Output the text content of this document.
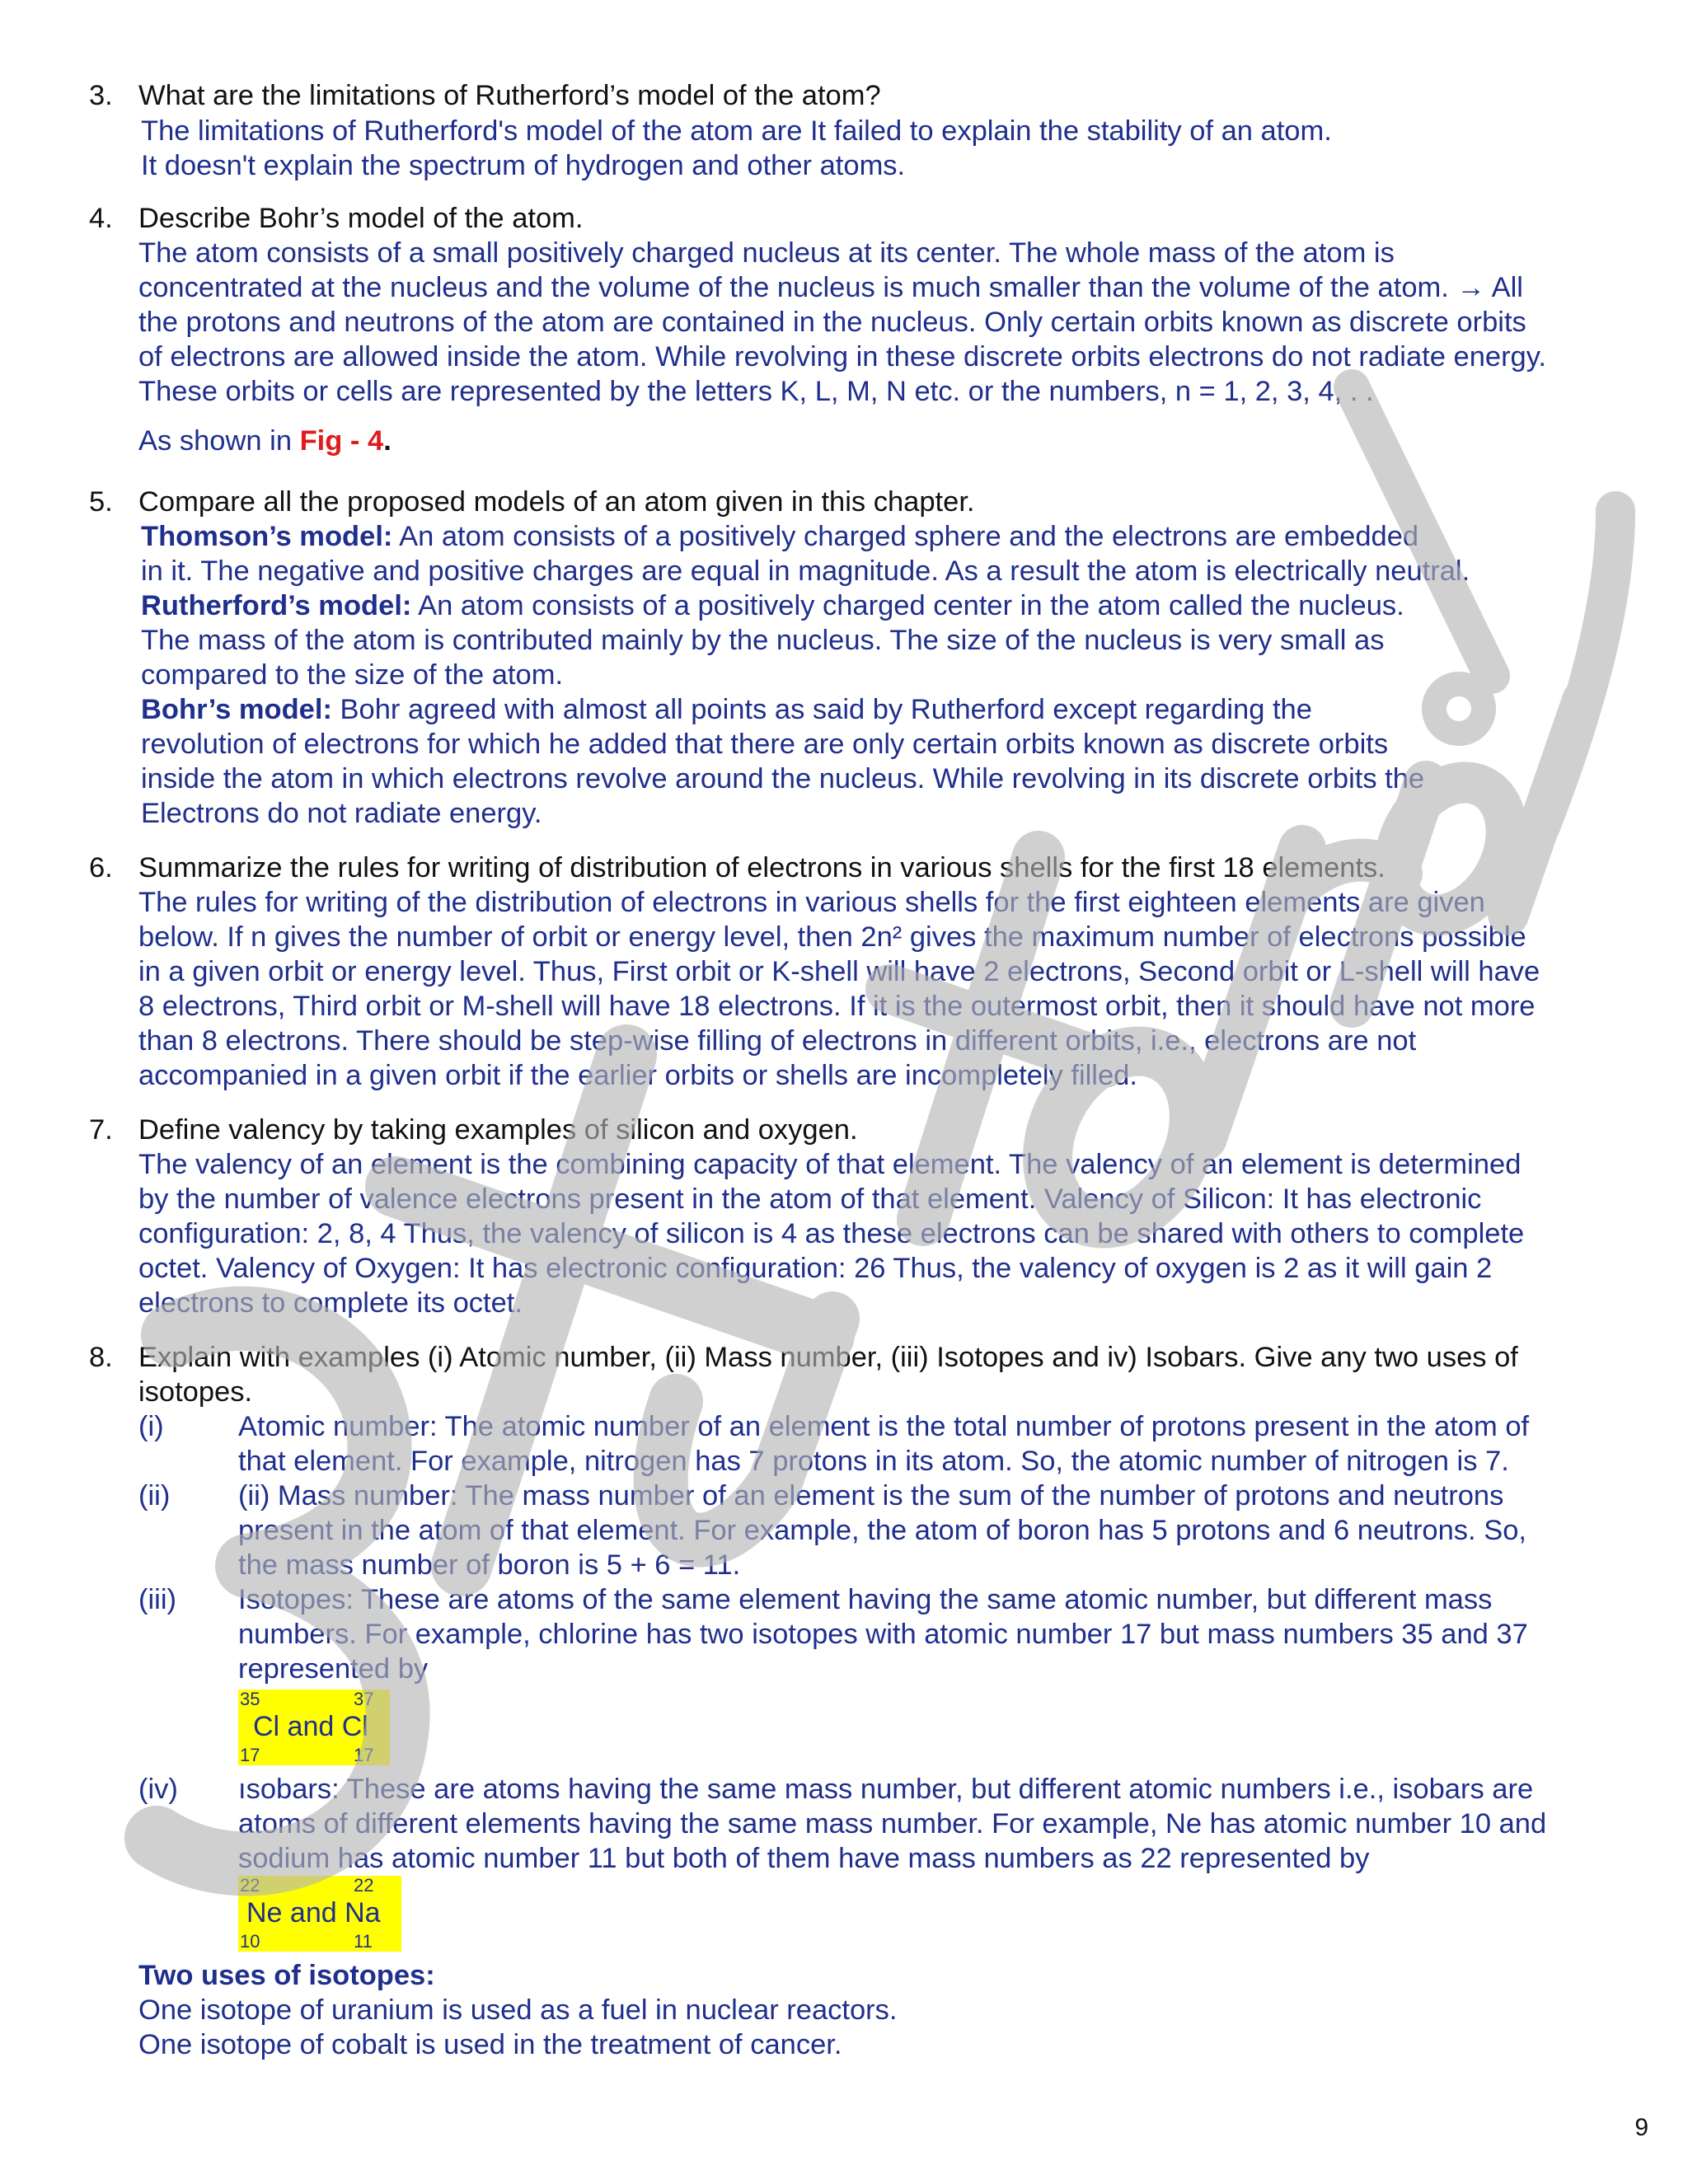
3. What are the limitations of Rutherford’s model of the atom?
The limitations of Rutherford's model of the atom are It failed to explain the stability of an atom.
It doesn't explain the spectrum of hydrogen and other atoms.
4. Describe Bohr’s model of the atom.
The atom consists of a small positively charged nucleus at its center. The whole mass of the atom is
concentrated at the nucleus and the volume of the nucleus is much smaller than the volume of the atom. → All
the protons and neutrons of the atom are contained in the nucleus. Only certain orbits known as discrete orbits
of electrons are allowed inside the atom. While revolving in these discrete orbits electrons do not radiate energy.
These orbits or cells are represented by the letters K, L, M, N etc. or the numbers, n = 1, 2, 3, 4, . .
As shown in Fig - 4.
5. Compare all the proposed models of an atom given in this chapter.
Thomson’s model: An atom consists of a positively charged sphere and the electrons are embedded
in it. The negative and positive charges are equal in magnitude. As a result the atom is electrically neutral.
Rutherford’s model: An atom consists of a positively charged center in the atom called the nucleus.
The mass of the atom is contributed mainly by the nucleus. The size of the nucleus is very small as
compared to the size of the atom.
Bohr’s model: Bohr agreed with almost all points as said by Rutherford except regarding the
revolution of electrons for which he added that there are only certain orbits known as discrete orbits
inside the atom in which electrons revolve around the nucleus. While revolving in its discrete orbits the
Electrons do not radiate energy.
6. Summarize the rules for writing of distribution of electrons in various shells for the first 18 elements.
The rules for writing of the distribution of electrons in various shells for the first eighteen elements are given
below. If n gives the number of orbit or energy level, then 2n² gives the maximum number of electrons possible
in a given orbit or energy level. Thus, First orbit or K-shell will have 2 electrons, Second orbit or L-shell will have
8 electrons, Third orbit or M-shell will have 18 electrons. If it is the outermost orbit, then it should have not more
than 8 electrons. There should be step-wise filling of electrons in different orbits, i.e., electrons are not
accompanied in a given orbit if the earlier orbits or shells are incompletely filled.
7. Define valency by taking examples of silicon and oxygen.
The valency of an element is the combining capacity of that element. The valency of an element is determined
by the number of valence electrons present in the atom of that element. Valency of Silicon: It has electronic
configuration: 2, 8, 4 Thus, the valency of silicon is 4 as these electrons can be shared with others to complete
octet. Valency of Oxygen: It has electronic configuration: 26 Thus, the valency of oxygen is 2 as it will gain 2
electrons to complete its octet.
8. Explain with examples (i) Atomic number, (ii) Mass number, (iii) Isotopes and iv) Isobars. Give any two uses of
isotopes.
(i)	Atomic number: The atomic number of an element is the total number of protons present in the atom of
that element. For example, nitrogen has 7 protons in its atom. So, the atomic number of nitrogen is 7.
(ii) (ii) Mass number: The mass number of an element is the sum of the number of protons and neutrons
present in the atom of that element. For example, the atom of boron has 5 protons and 6 neutrons. So,
the mass number of boron is 5 + 6 = 11.
(iii) Isotopes: These are atoms of the same element having the same atomic number, but different mass
numbers. For example, chlorine has two isotopes with atomic number 17 but mass numbers 35 and 37
represented by
35	37
Cl and Cl
17	17
(iv) ısobars: These are atoms having the same mass number, but different atomic numbers i.e., isobars are
atoms of different elements having the same mass number. For example, Ne has atomic number 10 and
sodium has atomic number 11 but both of them have mass numbers as 22 represented by
22	22
Ne and Na
10	11
Two uses of isotopes:
One isotope of uranium is used as a fuel in nuclear reactors.
One isotope of cobalt is used in the treatment of cancer.
9
